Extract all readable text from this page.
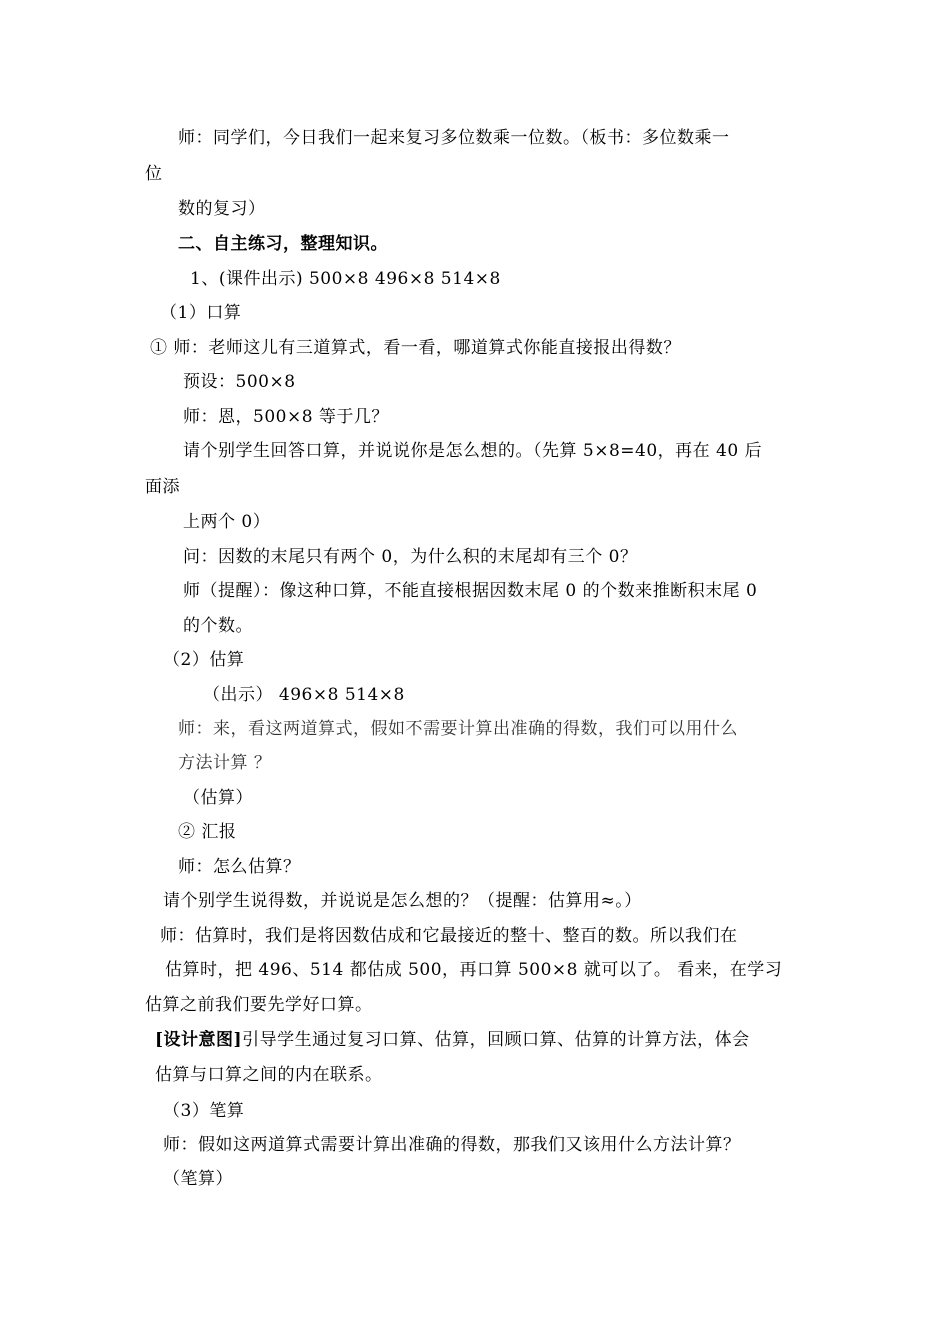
师：同学们，今日我们一起来复习多位数乘一位数。（板书：多位数乘一
位
数的复习）
二、自主练习，整理知识。
1、(课件出示) 500×8 496×8 514×8
（1）口算
① 师：老师这儿有三道算式，看一看，哪道算式你能直接报出得数？
预设：500×8
师：恩，500×8 等于几？
请个别学生回答口算，并说说你是怎么想的。（先算 5×8=40，再在 40 后
面添
上两个 0）
问：因数的末尾只有两个 0，为什么积的末尾却有三个 0？
师（提醒）：像这种口算，不能直接根据因数末尾 0 的个数来推断积末尾 0
的个数。
（2）估算
（出示） 496×8 514×8
师：来，看这两道算式，假如不需要计算出准确的得数，我们可以用什么
方法计算 ？
（估算）
② 汇报
师：怎么估算？
请个别学生说得数，并说说是怎么想的？（提醒：估算用≈。）
师：估算时，我们是将因数估成和它最接近的整十、整百的数。所以我们在
估算时，把 496、514 都估成 500，再口算 500×8 就可以了。 看来，在学习
估算之前我们要先学好口算。
[设计意图]引导学生通过复习口算、估算，回顾口算、估算的计算方法，体会
估算与口算之间的内在联系。
（3）笔算
师：假如这两道算式需要计算出准确的得数，那我们又该用什么方法计算？
（笔算）
